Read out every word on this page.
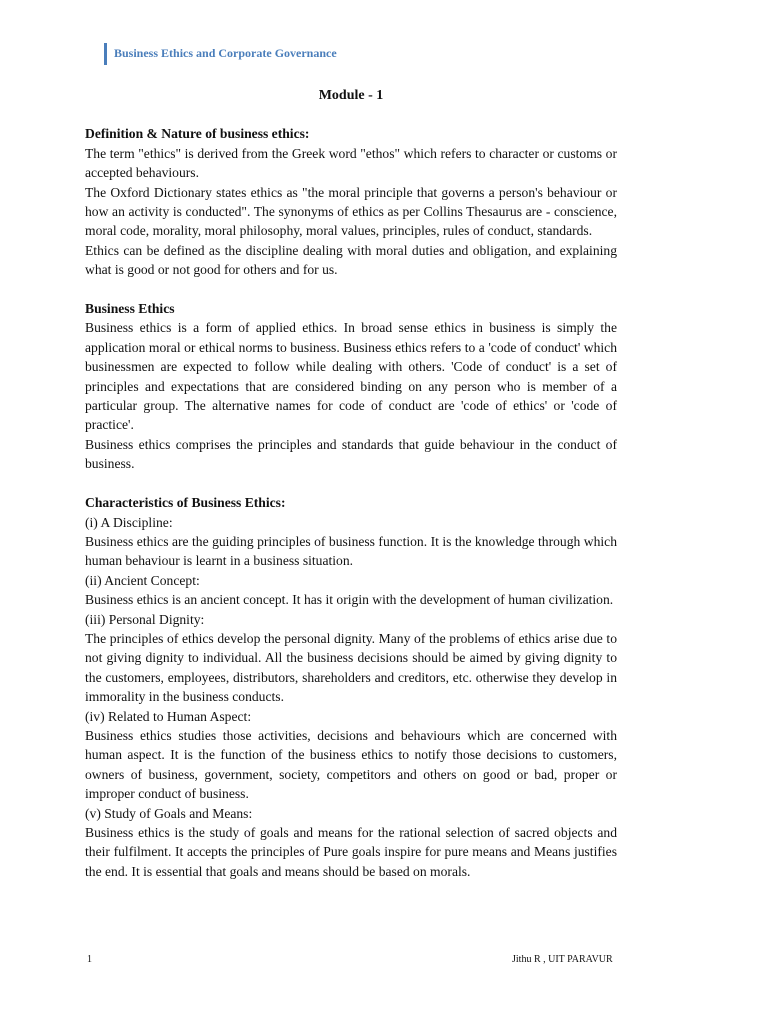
Business Ethics and Corporate Governance
Module - 1
Definition & Nature of business ethics:

The term "ethics" is derived from the Greek word "ethos" which refers to character or customs or accepted behaviours.

The Oxford Dictionary states ethics as "the moral principle that governs a person's behaviour or how an activity is conducted". The synonyms of ethics as per Collins Thesaurus are - conscience, moral code, morality, moral philosophy, moral values, principles, rules of conduct, standards.

Ethics can be defined as the discipline dealing with moral duties and obligation, and explaining what is good or not good for others and for us.

Business Ethics

Business ethics is a form of applied ethics. In broad sense ethics in business is simply the application moral or ethical norms to business. Business ethics refers to a 'code of conduct' which businessmen are expected to follow while dealing with others. 'Code of conduct' is a set of principles and expectations that are considered binding on any person who is member of a particular group. The alternative names for code of conduct are 'code of ethics' or 'code of practice'.

Business ethics comprises the principles and standards that guide behaviour in the conduct of business.

Characteristics of Business Ethics:

(i) A Discipline:

Business ethics are the guiding principles of business function. It is the knowledge through which human behaviour is learnt in a business situation.

(ii) Ancient Concept:

Business ethics is an ancient concept. It has it origin with the development of human civilization.

(iii) Personal Dignity:

The principles of ethics develop the personal dignity. Many of the problems of ethics arise due to not giving dignity to individual. All the business decisions should be aimed by giving dignity to the customers, employees, distributors, shareholders and creditors, etc. otherwise they develop in immorality in the business conducts.

(iv) Related to Human Aspect:

Business ethics studies those activities, decisions and behaviours which are concerned with human aspect. It is the function of the business ethics to notify those decisions to customers, owners of business, government, society, competitors and others on good or bad, proper or improper conduct of business.

(v) Study of Goals and Means:

Business ethics is the study of goals and means for the rational selection of sacred objects and their fulfilment. It accepts the principles of Pure goals inspire for pure means and Means justifies the end. It is essential that goals and means should be based on morals.

1	Jithu R , UIT PARAVUR
